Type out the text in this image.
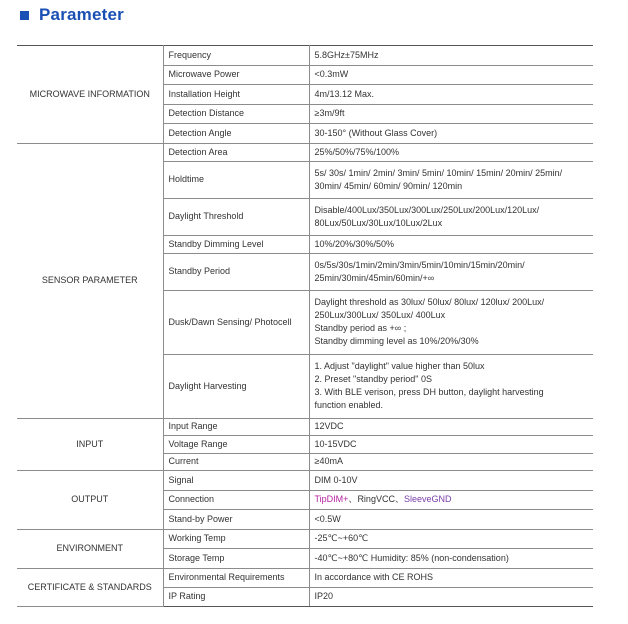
Parameter
MICROWAVE INFORMATION	Frequency	5.8GHz±75MHz
	Microwave Power	<0.3mW
	Installation Height	4m/13.12 Max.
	Detection Distance	≥3m/9ft
	Detection Angle	30-150° (Without Glass Cover)
SENSOR PARAMETER	Detection Area	25%/50%/75%/100%
	Holdtime	5s/ 30s/ 1min/ 2min/ 3min/ 5min/ 10min/ 15min/ 20min/ 25min/
30min/ 45min/ 60min/ 90min/ 120min

	Daylight Threshold	Disable/400Lux/350Lux/300Lux/250Lux/200Lux/120Lux/
80Lux/50Lux/30Lux/10Lux/2Lux

	Standby Dimming Level	10%/20%/30%/50%
	Standby Period	0s/5s/30s/1min/2min/3min/5min/10min/15min/20min/
25min/30min/45min/60min/+∞

	Dusk/Dawn Sensing/ Photocell	Daylight threshold as 30lux/ 50lux/ 80lux/ 120lux/ 200Lux/
250Lux/300Lux/ 350Lux/ 400Lux
Standby period as +∞ ;
Standby dimming level as 10%/20%/30%

	Daylight Harvesting	1. Adjust "daylight" value higher than 50lux
2. Preset "standby period" 0S
3. With BLE verison, press DH button, daylight harvesting
function enabled.

INPUT	Input Range	12VDC
	Voltage Range	10-15VDC
	Current	≥40mA
OUTPUT	Signal	DIM 0-10V
	Connection	TipDIM+、RingVCC、SleeveGND
	Stand-by Power	<0.5W
ENVIRONMENT	Working Temp	-25℃~+60℃
	Storage Temp	-40℃~+80℃ Humidity: 85% (non-condensation)
CERTIFICATE & STANDARDS	Environmental Requirements	In accordance with CE ROHS
	IP Rating	IP20
